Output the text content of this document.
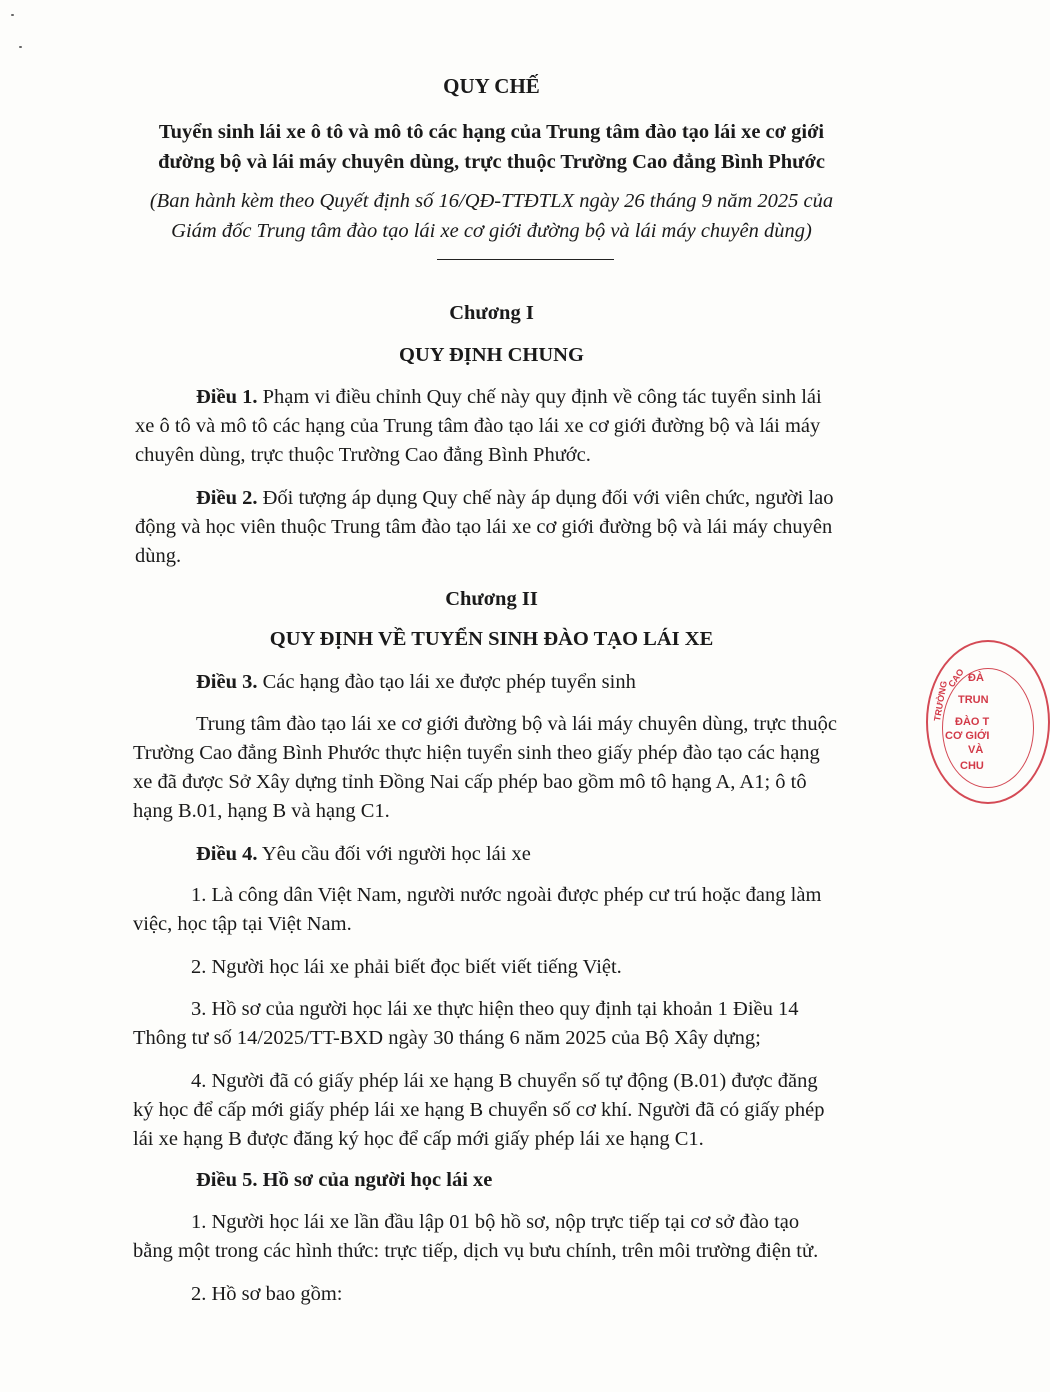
QUY CHẾ
Tuyển sinh lái xe ô tô và mô tô các hạng của Trung tâm đào tạo lái xe cơ giới
đường bộ và lái máy chuyên dùng, trực thuộc Trường Cao đẳng Bình Phước
(Ban hành kèm theo Quyết định số 16/QĐ-TTĐTLX ngày 26 tháng 9 năm 2025 của
Giám đốc Trung tâm đào tạo lái xe cơ giới đường bộ và lái máy chuyên dùng)
Chương I
QUY ĐỊNH CHUNG
Điều 1. Phạm vi điều chỉnh Quy chế này quy định về công tác tuyển sinh lái
xe ô tô và mô tô các hạng của Trung tâm đào tạo lái xe cơ giới đường bộ và lái máy
chuyên dùng, trực thuộc Trường Cao đẳng Bình Phước.
Điều 2. Đối tượng áp dụng Quy chế này áp dụng đối với viên chức, người lao
động và học viên thuộc Trung tâm đào tạo lái xe cơ giới đường bộ và lái máy chuyên
dùng.
Chương II
QUY ĐỊNH VỀ TUYỂN SINH ĐÀO TẠO LÁI XE
Điều 3. Các hạng đào tạo lái xe được phép tuyển sinh
Trung tâm đào tạo lái xe cơ giới đường bộ và lái máy chuyên dùng, trực thuộc
Trường Cao đẳng Bình Phước thực hiện tuyển sinh theo giấy phép đào tạo các hạng
xe đã được Sở Xây dựng tỉnh Đồng Nai cấp phép bao gồm mô tô hạng A, A1; ô tô
hạng B.01, hạng B và hạng C1.
Điều 4. Yêu cầu đối với người học lái xe
1. Là công dân Việt Nam, người nước ngoài được phép cư trú hoặc đang làm
việc, học tập tại Việt Nam.
2. Người học lái xe phải biết đọc biết viết tiếng Việt.
3. Hồ sơ của người học lái xe thực hiện theo quy định tại khoản 1 Điều 14
Thông tư số 14/2025/TT-BXD ngày 30 tháng 6 năm 2025 của Bộ Xây dựng;
4. Người đã có giấy phép lái xe hạng B chuyển số tự động (B.01) được đăng
ký học để cấp mới giấy phép lái xe hạng B chuyển số cơ khí. Người đã có giấy phép
lái xe hạng B được đăng ký học để cấp mới giấy phép lái xe hạng C1.
Điều 5. Hồ sơ của người học lái xe
1. Người học lái xe lần đầu lập 01 bộ hồ sơ, nộp trực tiếp tại cơ sở đào tạo
bằng một trong các hình thức: trực tiếp, dịch vụ bưu chính, trên môi trường điện tử.
2. Hồ sơ bao gồm:
ĐÀ
TRUN
ĐÀO T
CƠ GIỚI
VÀ
CHU
TRƯỜNG
CAO
